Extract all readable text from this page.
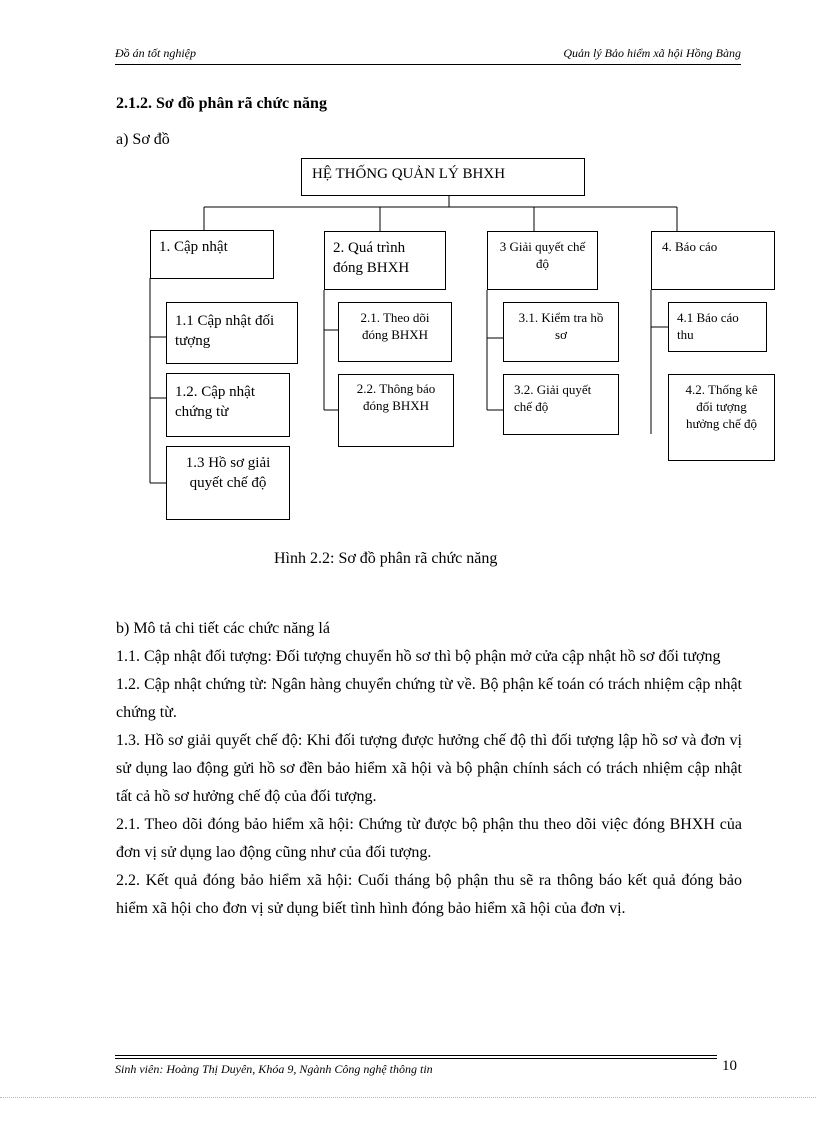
Đồ án tốt nghiệp	Quản lý Bảo hiểm xã hội Hồng Bàng
2.1.2. Sơ đồ phân rã chức năng
a) Sơ đồ
HỆ THỐNG QUẢN LÝ BHXH
1. Cập nhật
1.1 Cập nhật đối tượng
1.2. Cập nhật chứng từ
1.3 Hồ sơ giải quyết chế độ
2. Quá trình đóng BHXH
2.1. Theo dõi đóng BHXH
2.2. Thông báo đóng BHXH
3 Giải quyết chế độ
3.1. Kiểm tra hồ sơ
3.2. Giải quyết chế độ
4. Báo cáo
4.1 Báo cáo thu
4.2. Thống kê đối tượng hưởng chế độ
Hình 2.2: Sơ đồ phân rã chức năng

b) Mô tả chi tiết các chức năng lá

1.1. Cập nhật đối tượng: Đối tượng chuyển hồ sơ thì bộ phận mở cửa cập nhật hồ sơ đối tượng

1.2. Cập nhật chứng từ: Ngân hàng chuyển chứng từ về. Bộ phận kế toán có trách nhiệm cập nhật chứng từ.

1.3. Hồ sơ giải quyết chế độ: Khi đối tượng được hưởng chế độ thì đối tượng lập hồ sơ và đơn vị sử dụng lao động gửi hồ sơ đền bảo hiểm xã hội và bộ phận chính sách có trách nhiệm cập nhật tất cả hồ sơ hưởng chế độ của đối tượng.

2.1. Theo dõi đóng bảo hiểm xã hội: Chứng từ được bộ phận thu theo dõi việc đóng BHXH của đơn vị sử dụng lao động cũng như của đối tượng.

2.2. Kết quả đóng bảo hiểm xã hội: Cuối tháng bộ phận thu sẽ ra thông báo kết quả đóng bảo hiểm xã hội cho đơn vị sử dụng biết tình hình đóng bảo hiểm xã hội của đơn vị.

Sinh viên: Hoàng Thị Duyên, Khóa 9, Ngành Công nghệ thông tin	10
